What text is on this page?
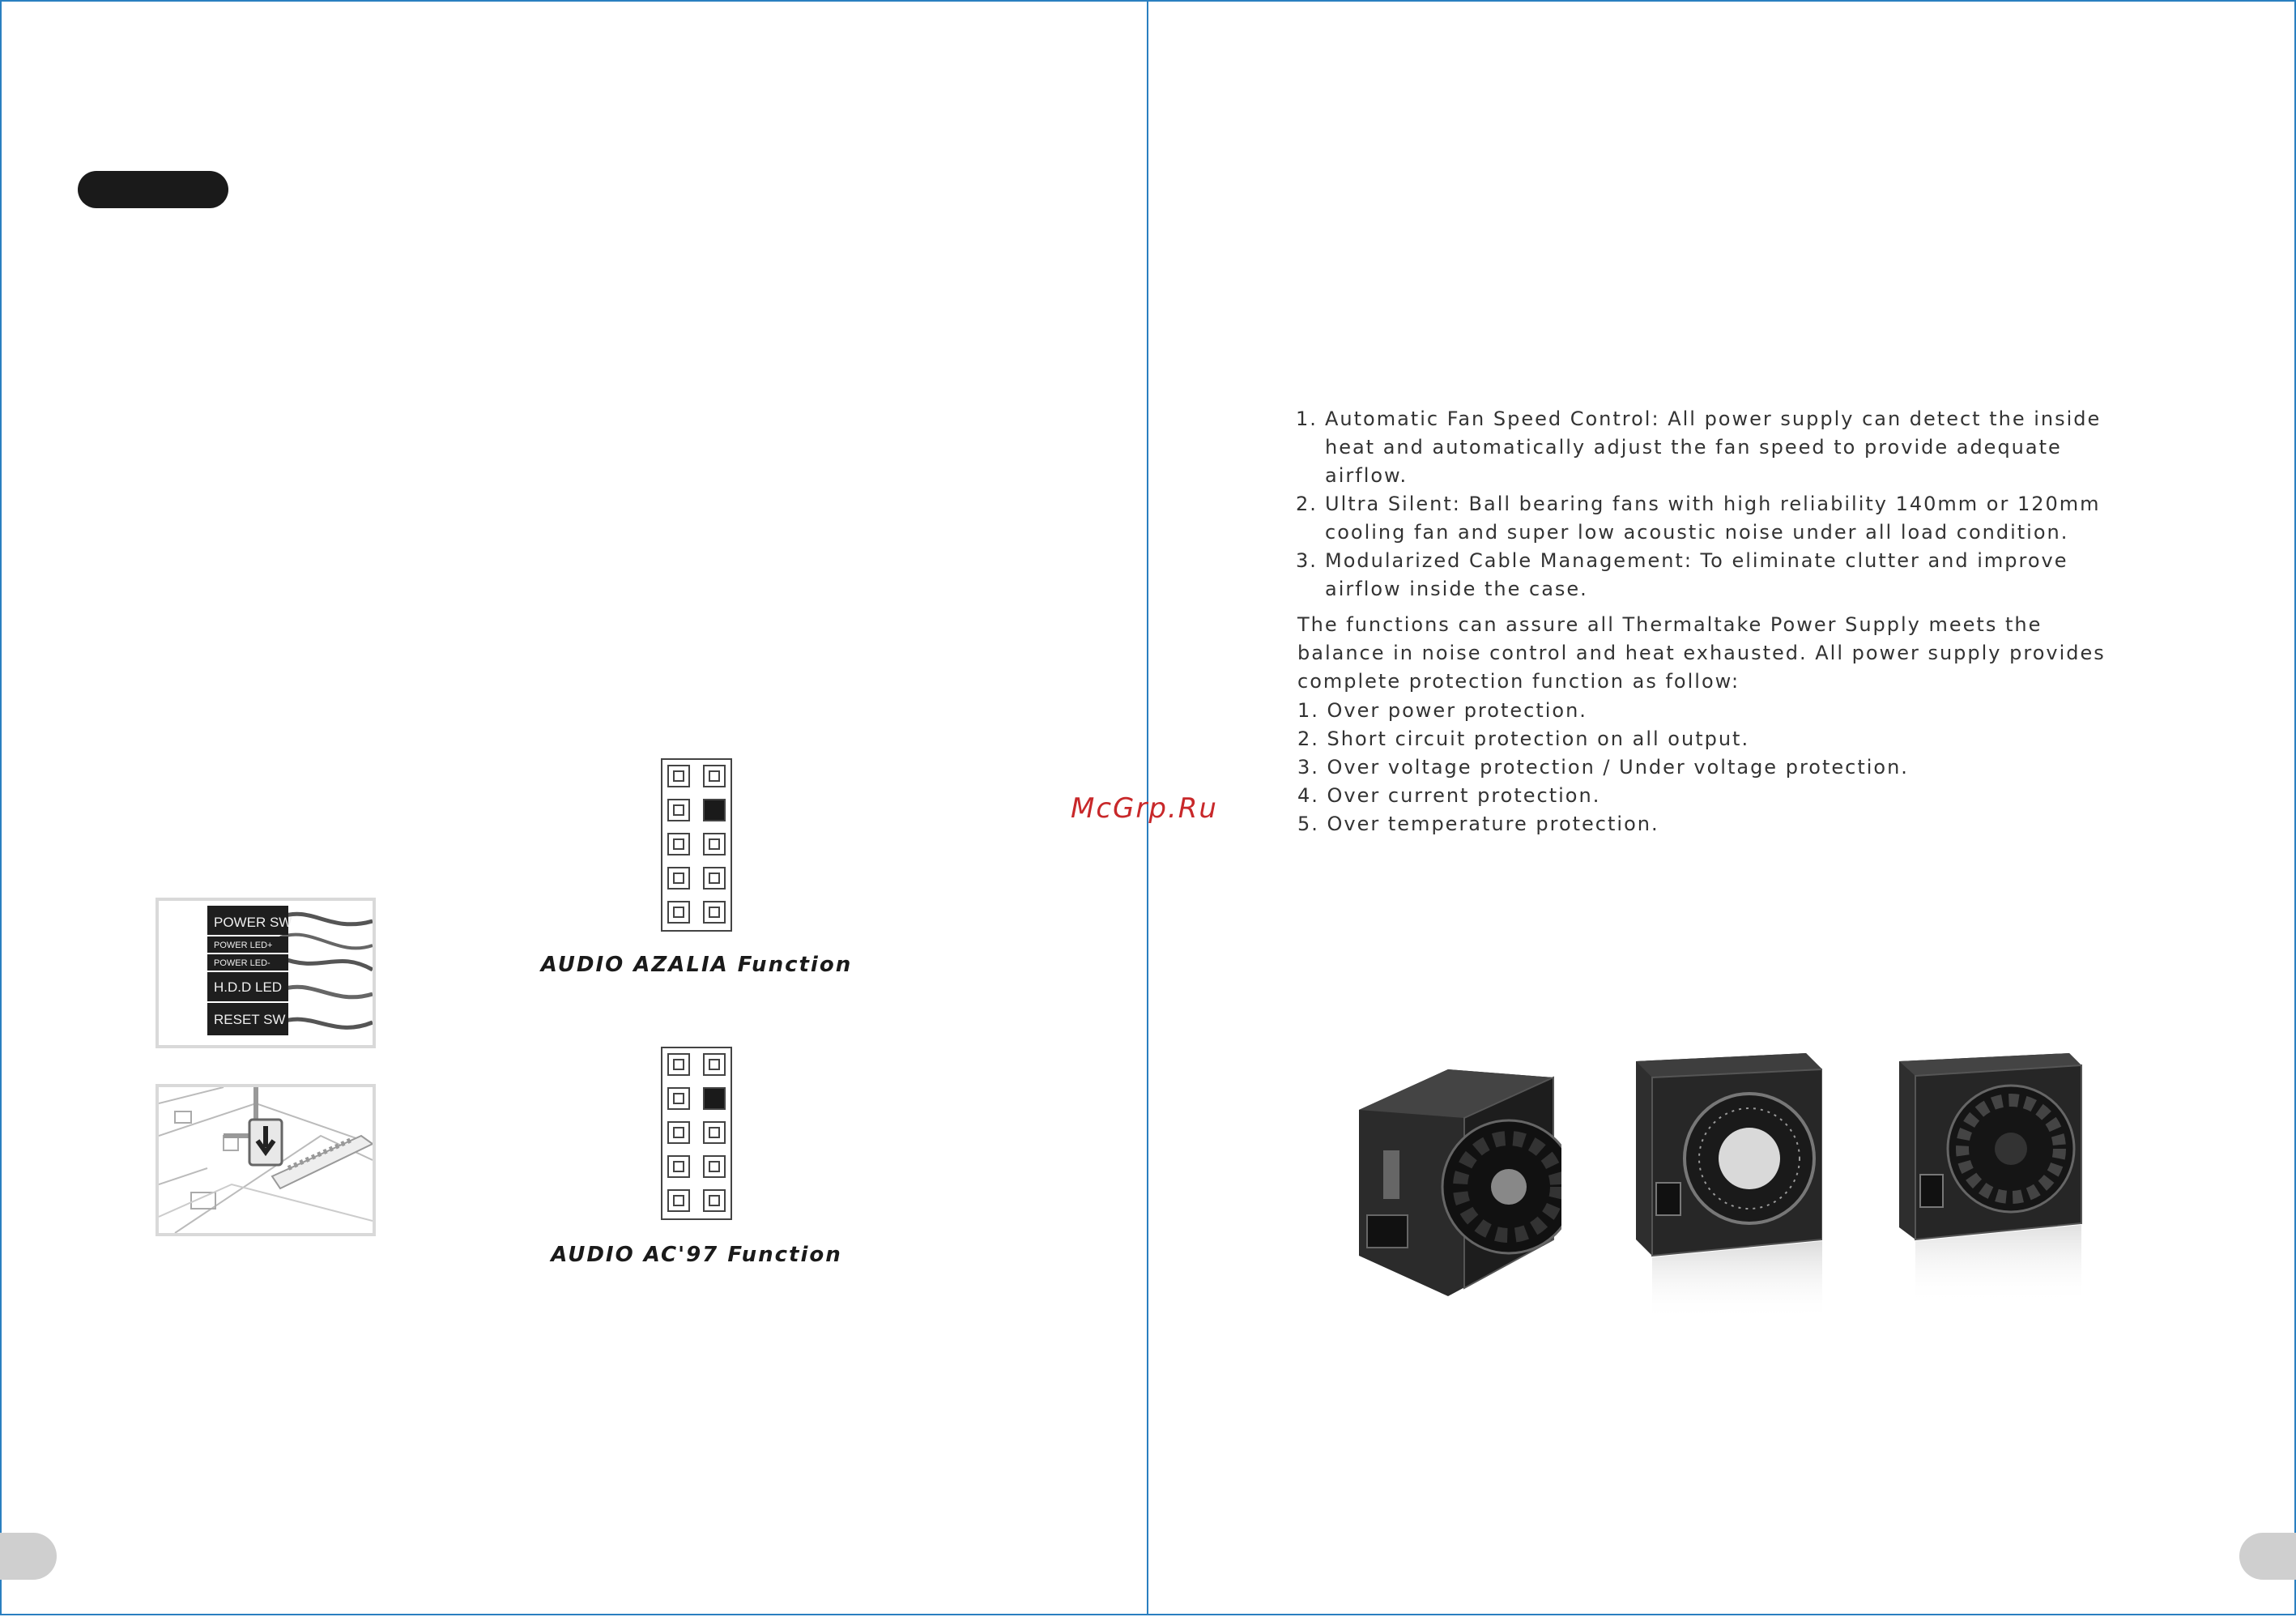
POWER SW
POWER LED+
POWER LED-
H.D.D LED
RESET SW
AUDIO AZALIA Function
AUDIO AC'97 Function
McGrp.Ru
1. Automatic Fan Speed Control: All power supply can detect the inside heat and automatically adjust the fan speed to provide adequate airflow.
2. Ultra Silent: Ball bearing fans with high reliability 140mm or 120mm cooling fan and super low acoustic noise under all load condition.
3. Modularized Cable Management: To eliminate clutter and improve airflow inside the case.

The functions can assure all Thermaltake Power Supply meets the balance in noise control and heat exhausted. All power supply provides complete protection function as follow:

1. Over power protection.
2. Short circuit protection on all output.
3. Over voltage protection / Under voltage protection.
4. Over current protection.
5. Over temperature protection.
